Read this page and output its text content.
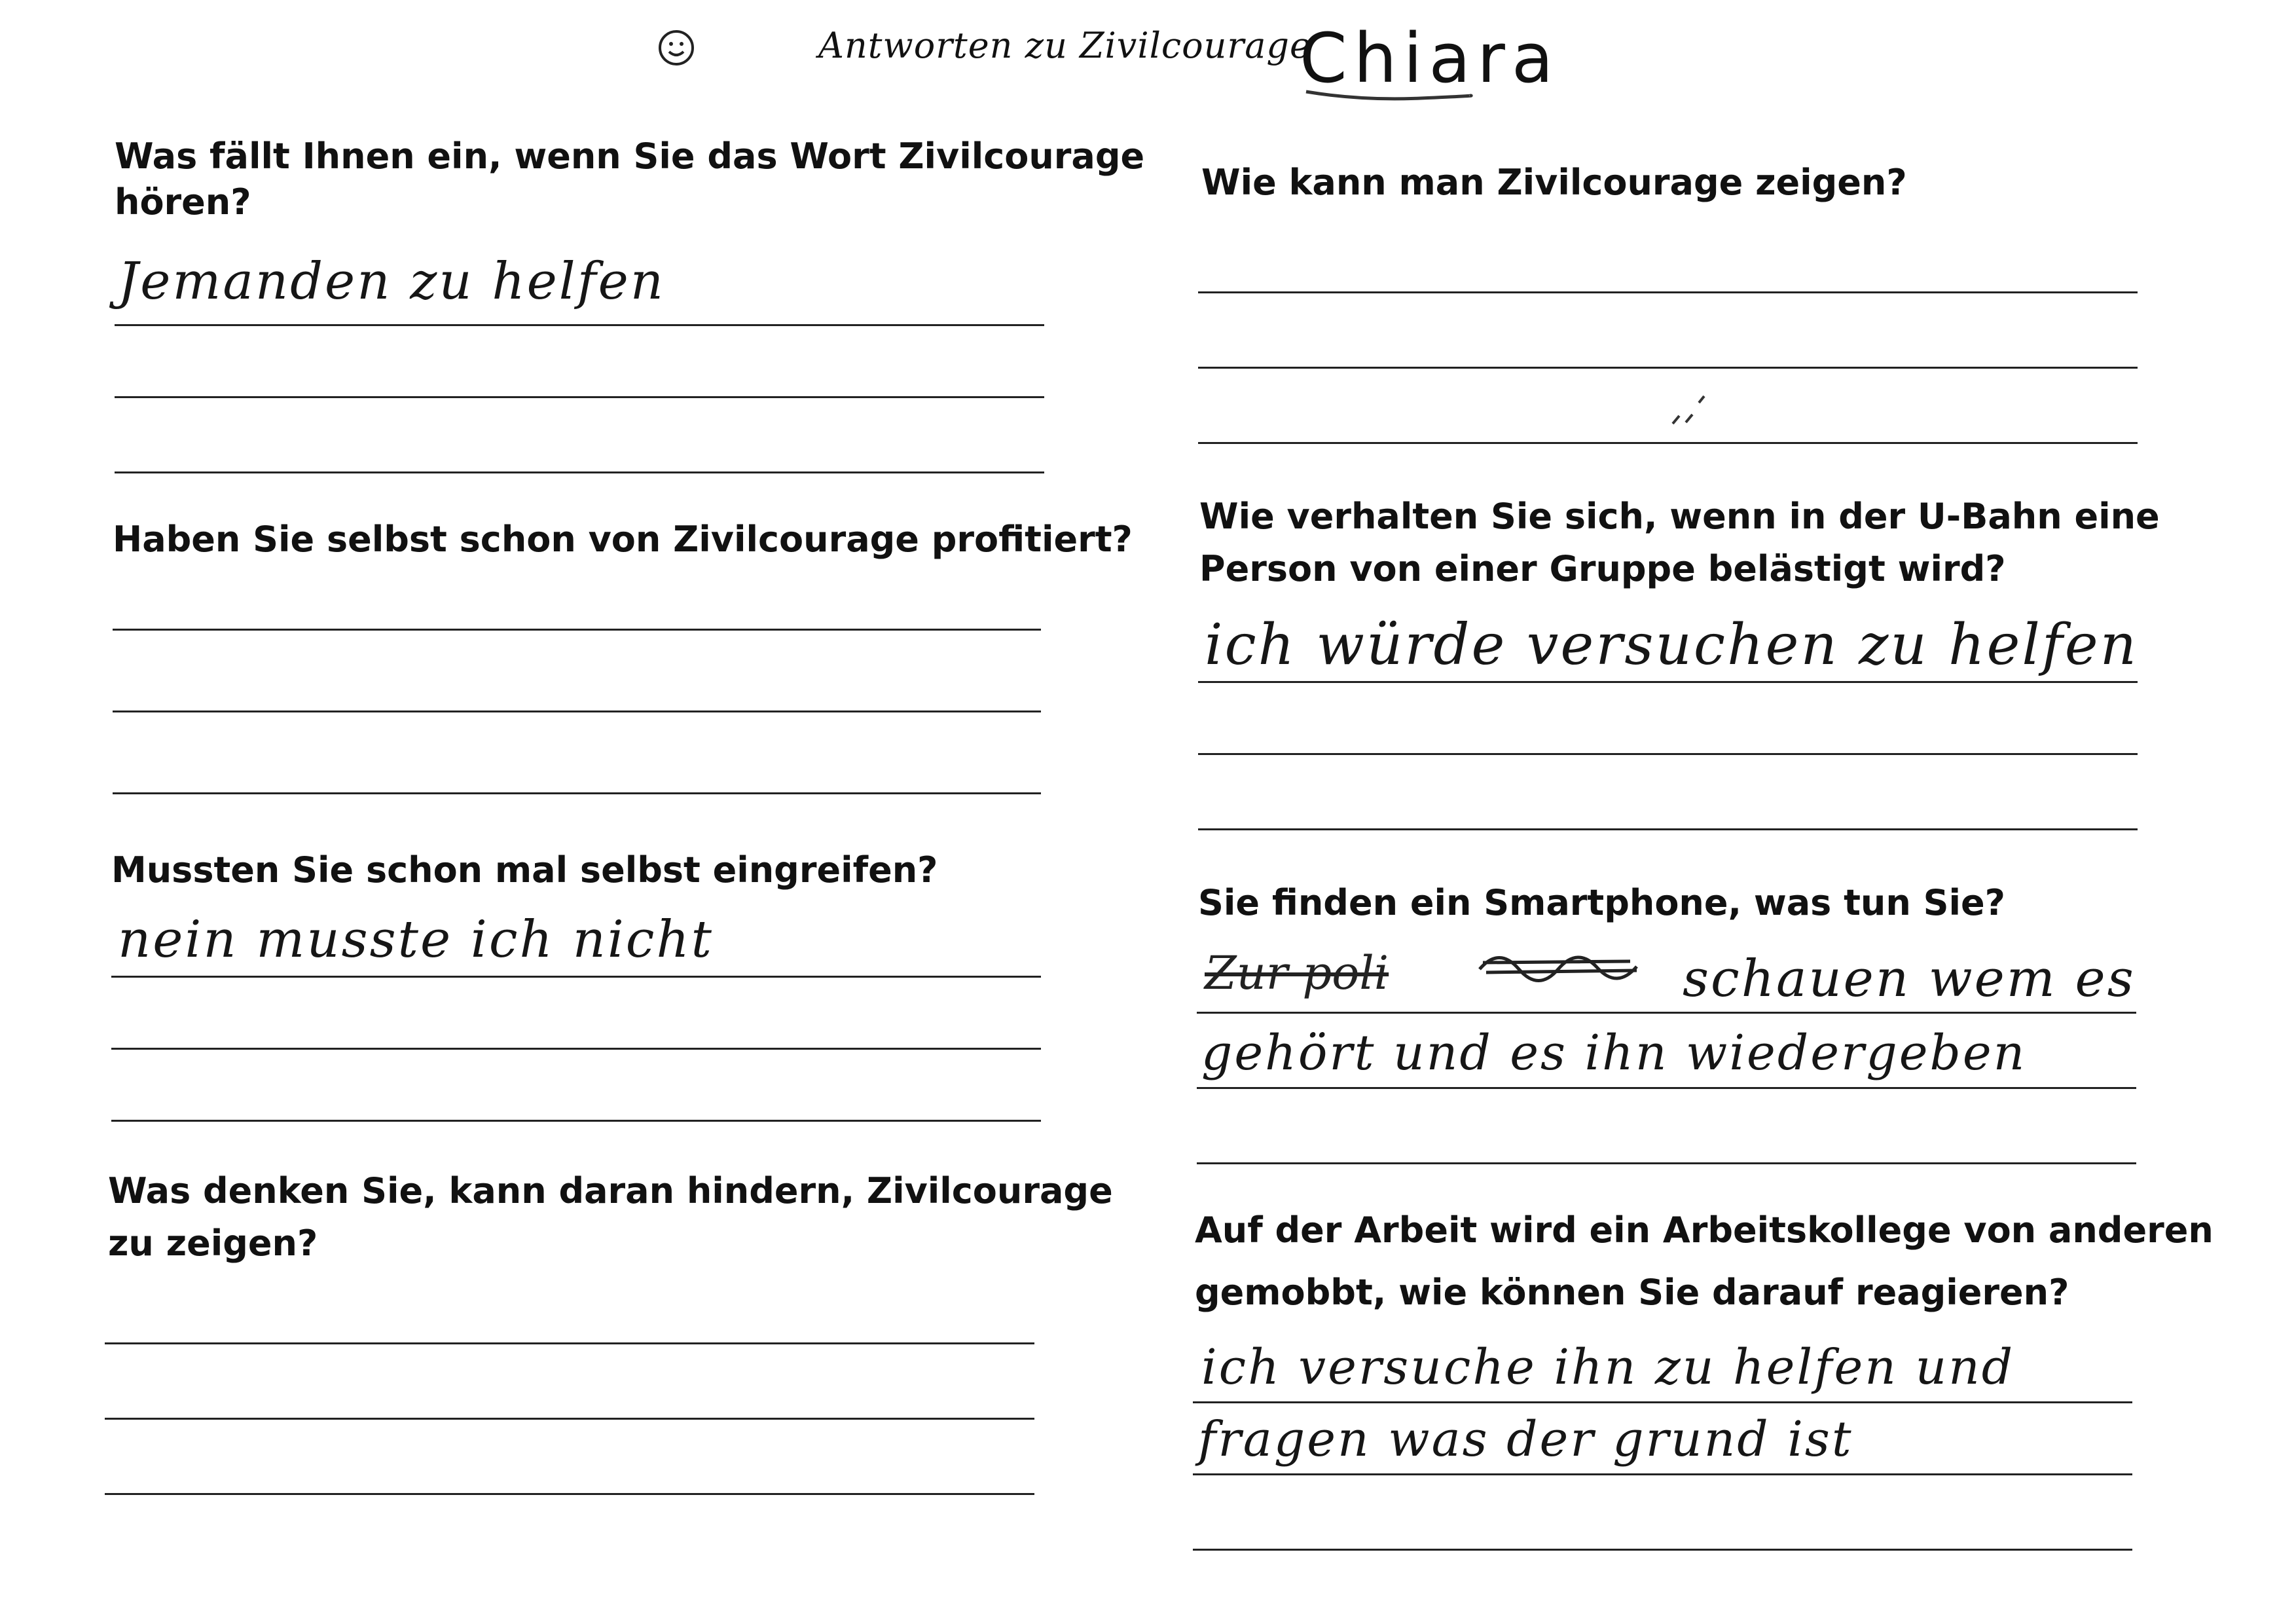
Antworten zu Zivilcourage
Chiara
Was fällt Ihnen ein, wenn Sie das Wort Zivilcourage
hören?
Jemanden zu helfen
Haben Sie selbst schon von Zivilcourage profitiert?
Mussten Sie schon mal selbst eingreifen?
nein musste ich nicht
Was denken Sie, kann daran hindern, Zivilcourage
zu zeigen?
Wie kann man Zivilcourage zeigen?
Wie verhalten Sie sich, wenn in der U-Bahn eine
Person von einer Gruppe belästigt wird?
ich würde versuchen zu helfen
Sie finden ein Smartphone, was tun Sie?
Zur poli	schauen wem es
gehört und es ihn wiedergeben
Auf der Arbeit wird ein Arbeitskollege von anderen
gemobbt, wie können Sie darauf reagieren?
ich versuche ihn zu helfen und
fragen was der grund ist
